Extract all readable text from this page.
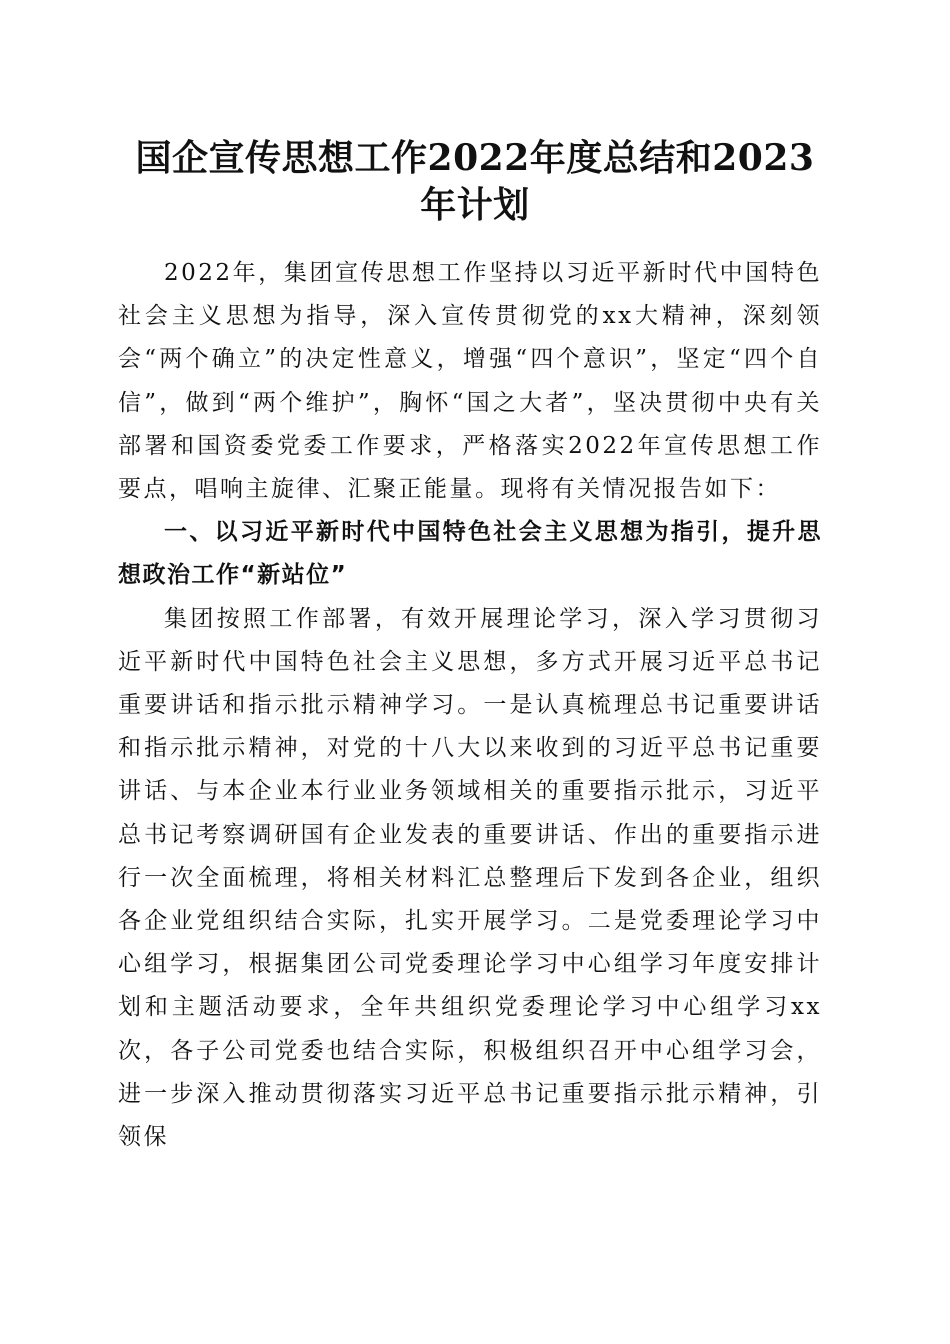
国企宣传思想工作2022年度总结和2023年计划

2022年，集团宣传思想工作坚持以习近平新时代中国特色社会主义思想为指导，深入宣传贯彻党的xx大精神，深刻领会“两个确立”的决定性意义，增强“四个意识”，坚定“四个自信”，做到“两个维护”，胸怀“国之大者”，坚决贯彻中央有关部署和国资委党委工作要求，严格落实2022年宣传思想工作要点，唱响主旋律、汇聚正能量。现将有关情况报告如下：

一、以习近平新时代中国特色社会主义思想为指引，提升思想政治工作“新站位”

集团按照工作部署，有效开展理论学习，深入学习贯彻习近平新时代中国特色社会主义思想，多方式开展习近平总书记重要讲话和指示批示精神学习。一是认真梳理总书记重要讲话和指示批示精神，对党的十八大以来收到的习近平总书记重要讲话、与本企业本行业业务领域相关的重要指示批示，习近平总书记考察调研国有企业发表的重要讲话、作出的重要指示进行一次全面梳理，将相关材料汇总整理后下发到各企业，组织各企业党组织结合实际，扎实开展学习。二是党委理论学习中心组学习，根据集团公司党委理论学习中心组学习年度安排计划和主题活动要求，全年共组织党委理论学习中心组学习xx次，各子公司党委也结合实际，积极组织召开中心组学习会，进一步深入推动贯彻落实习近平总书记重要指示批示精神，引领保
